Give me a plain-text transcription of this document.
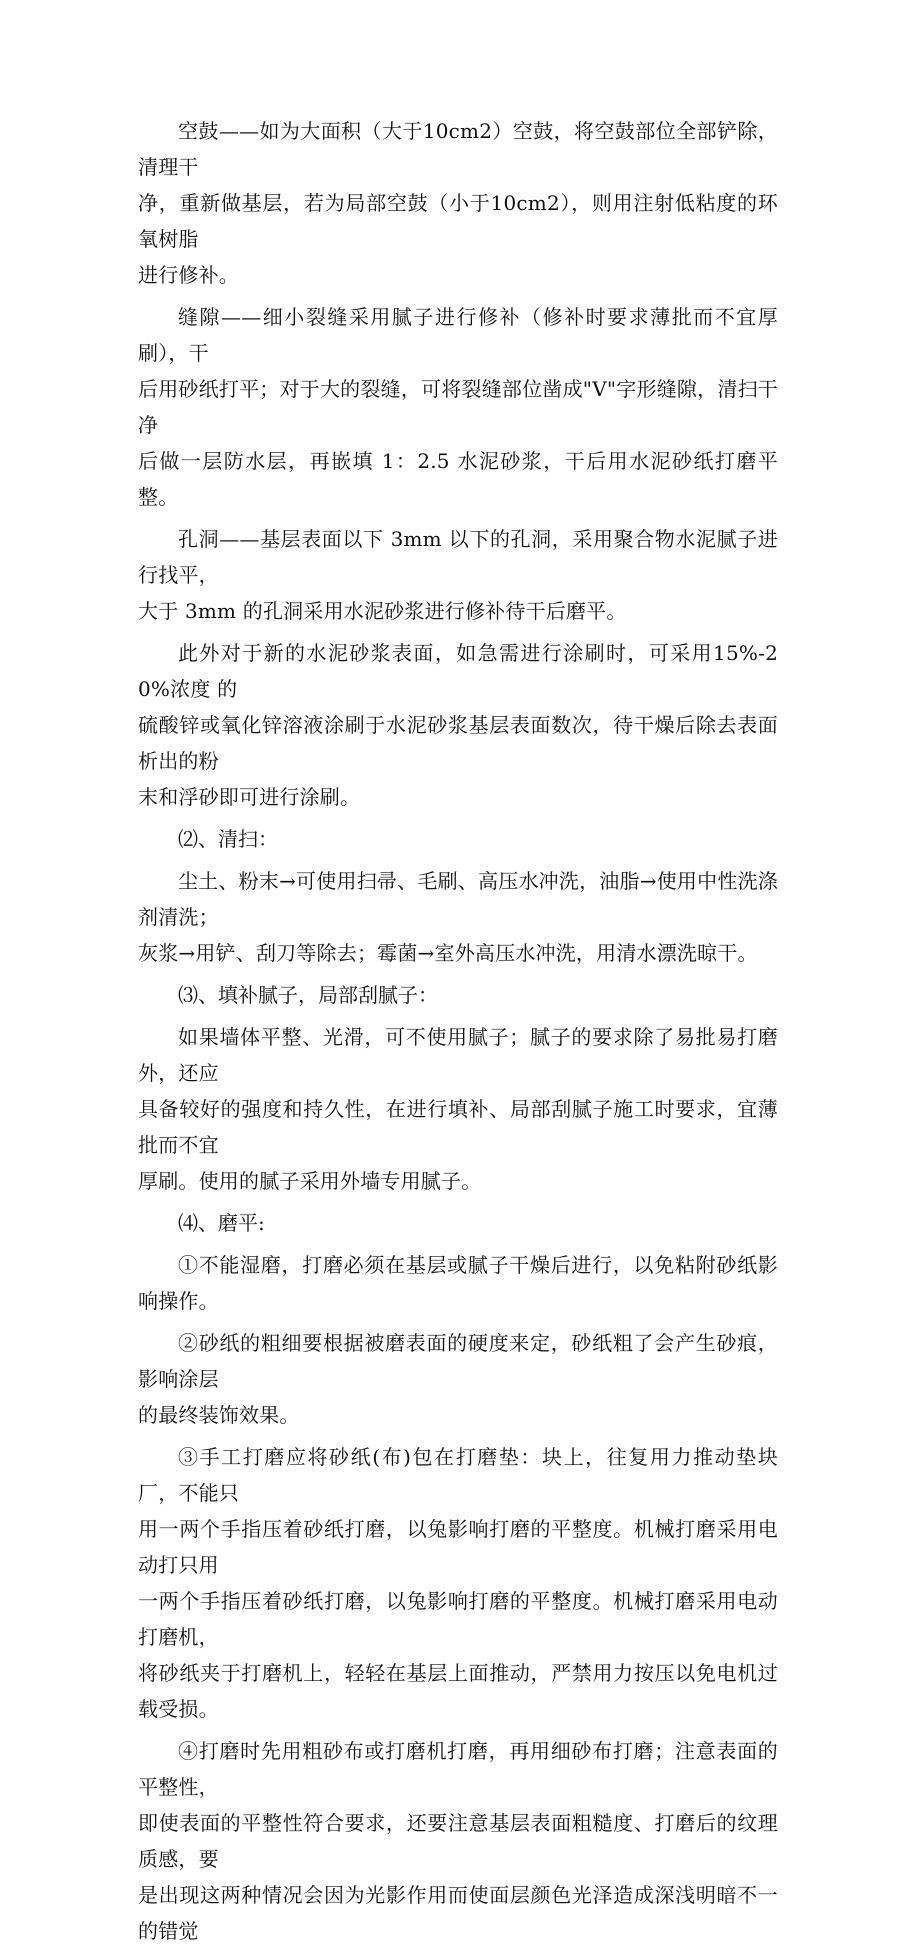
空鼓——如为大面积（大于10cm2）空鼓，将空鼓部位全部铲除，清理干

净，重新做基层，若为局部空鼓（小于10cm2），则用注射低粘度的环氧树脂
进行修补。

缝隙——细小裂缝采用腻子进行修补（修补时要求薄批而不宜厚刷），干

后用砂纸打平；对于大的裂缝，可将裂缝部位凿成"V"字形缝隙，清扫干净
后做一层防水层，再嵌填 1：2.5 水泥砂浆，干后用水泥砂纸打磨平整。

孔洞——基层表面以下 3mm 以下的孔洞，采用聚合物水泥腻子进行找平，

大于 3mm 的孔洞采用水泥砂浆进行修补待干后磨平。

此外对于新的水泥砂浆表面，如急需进行涂刷时，可采用15%-20%浓度 的

硫酸锌或氧化锌溶液涂刷于水泥砂浆基层表面数次，待干燥后除去表面析出的粉
末和浮砂即可进行涂刷。

⑵、清扫：

尘土、粉末→可使用扫帚、毛刷、高压水冲洗，油脂→使用中性洗涤剂清洗；

灰浆→用铲、刮刀等除去；霉菌→室外高压水冲洗，用清水漂洗晾干。

⑶、填补腻子，局部刮腻子：

如果墙体平整、光滑，可不使用腻子；腻子的要求除了易批易打磨外，还应

具备较好的强度和持久性，在进行填补、局部刮腻子施工时要求，宜薄批而不宜
厚刷。使用的腻子采用外墙专用腻子。

⑷、磨平:

①不能湿磨，打磨必须在基层或腻子干燥后进行，以免粘附砂纸影响操作。

②砂纸的粗细要根据被磨表面的硬度来定，砂纸粗了会产生砂痕，影响涂层

的最终装饰效果。

③手工打磨应将砂纸(布)包在打磨垫：块上，往复用力推动垫块厂，不能只

用一两个手指压着砂纸打磨，以兔影响打磨的平整度。机械打磨采用电动打只用
一两个手指压着砂纸打磨，以兔影响打磨的平整度。机械打磨采用电动打磨机，
将砂纸夹于打磨机上，轻轻在基层上面推动，严禁用力按压以免电机过载受损。

④打磨时先用粗砂布或打磨机打磨，再用细砂布打磨；注意表面的平整性，

即使表面的平整性符合要求，还要注意基层表面粗糙度、打磨后的纹理质感，要
是出现这两种情况会因为光影作用而使面层颜色光泽造成深浅明暗不一的错觉
